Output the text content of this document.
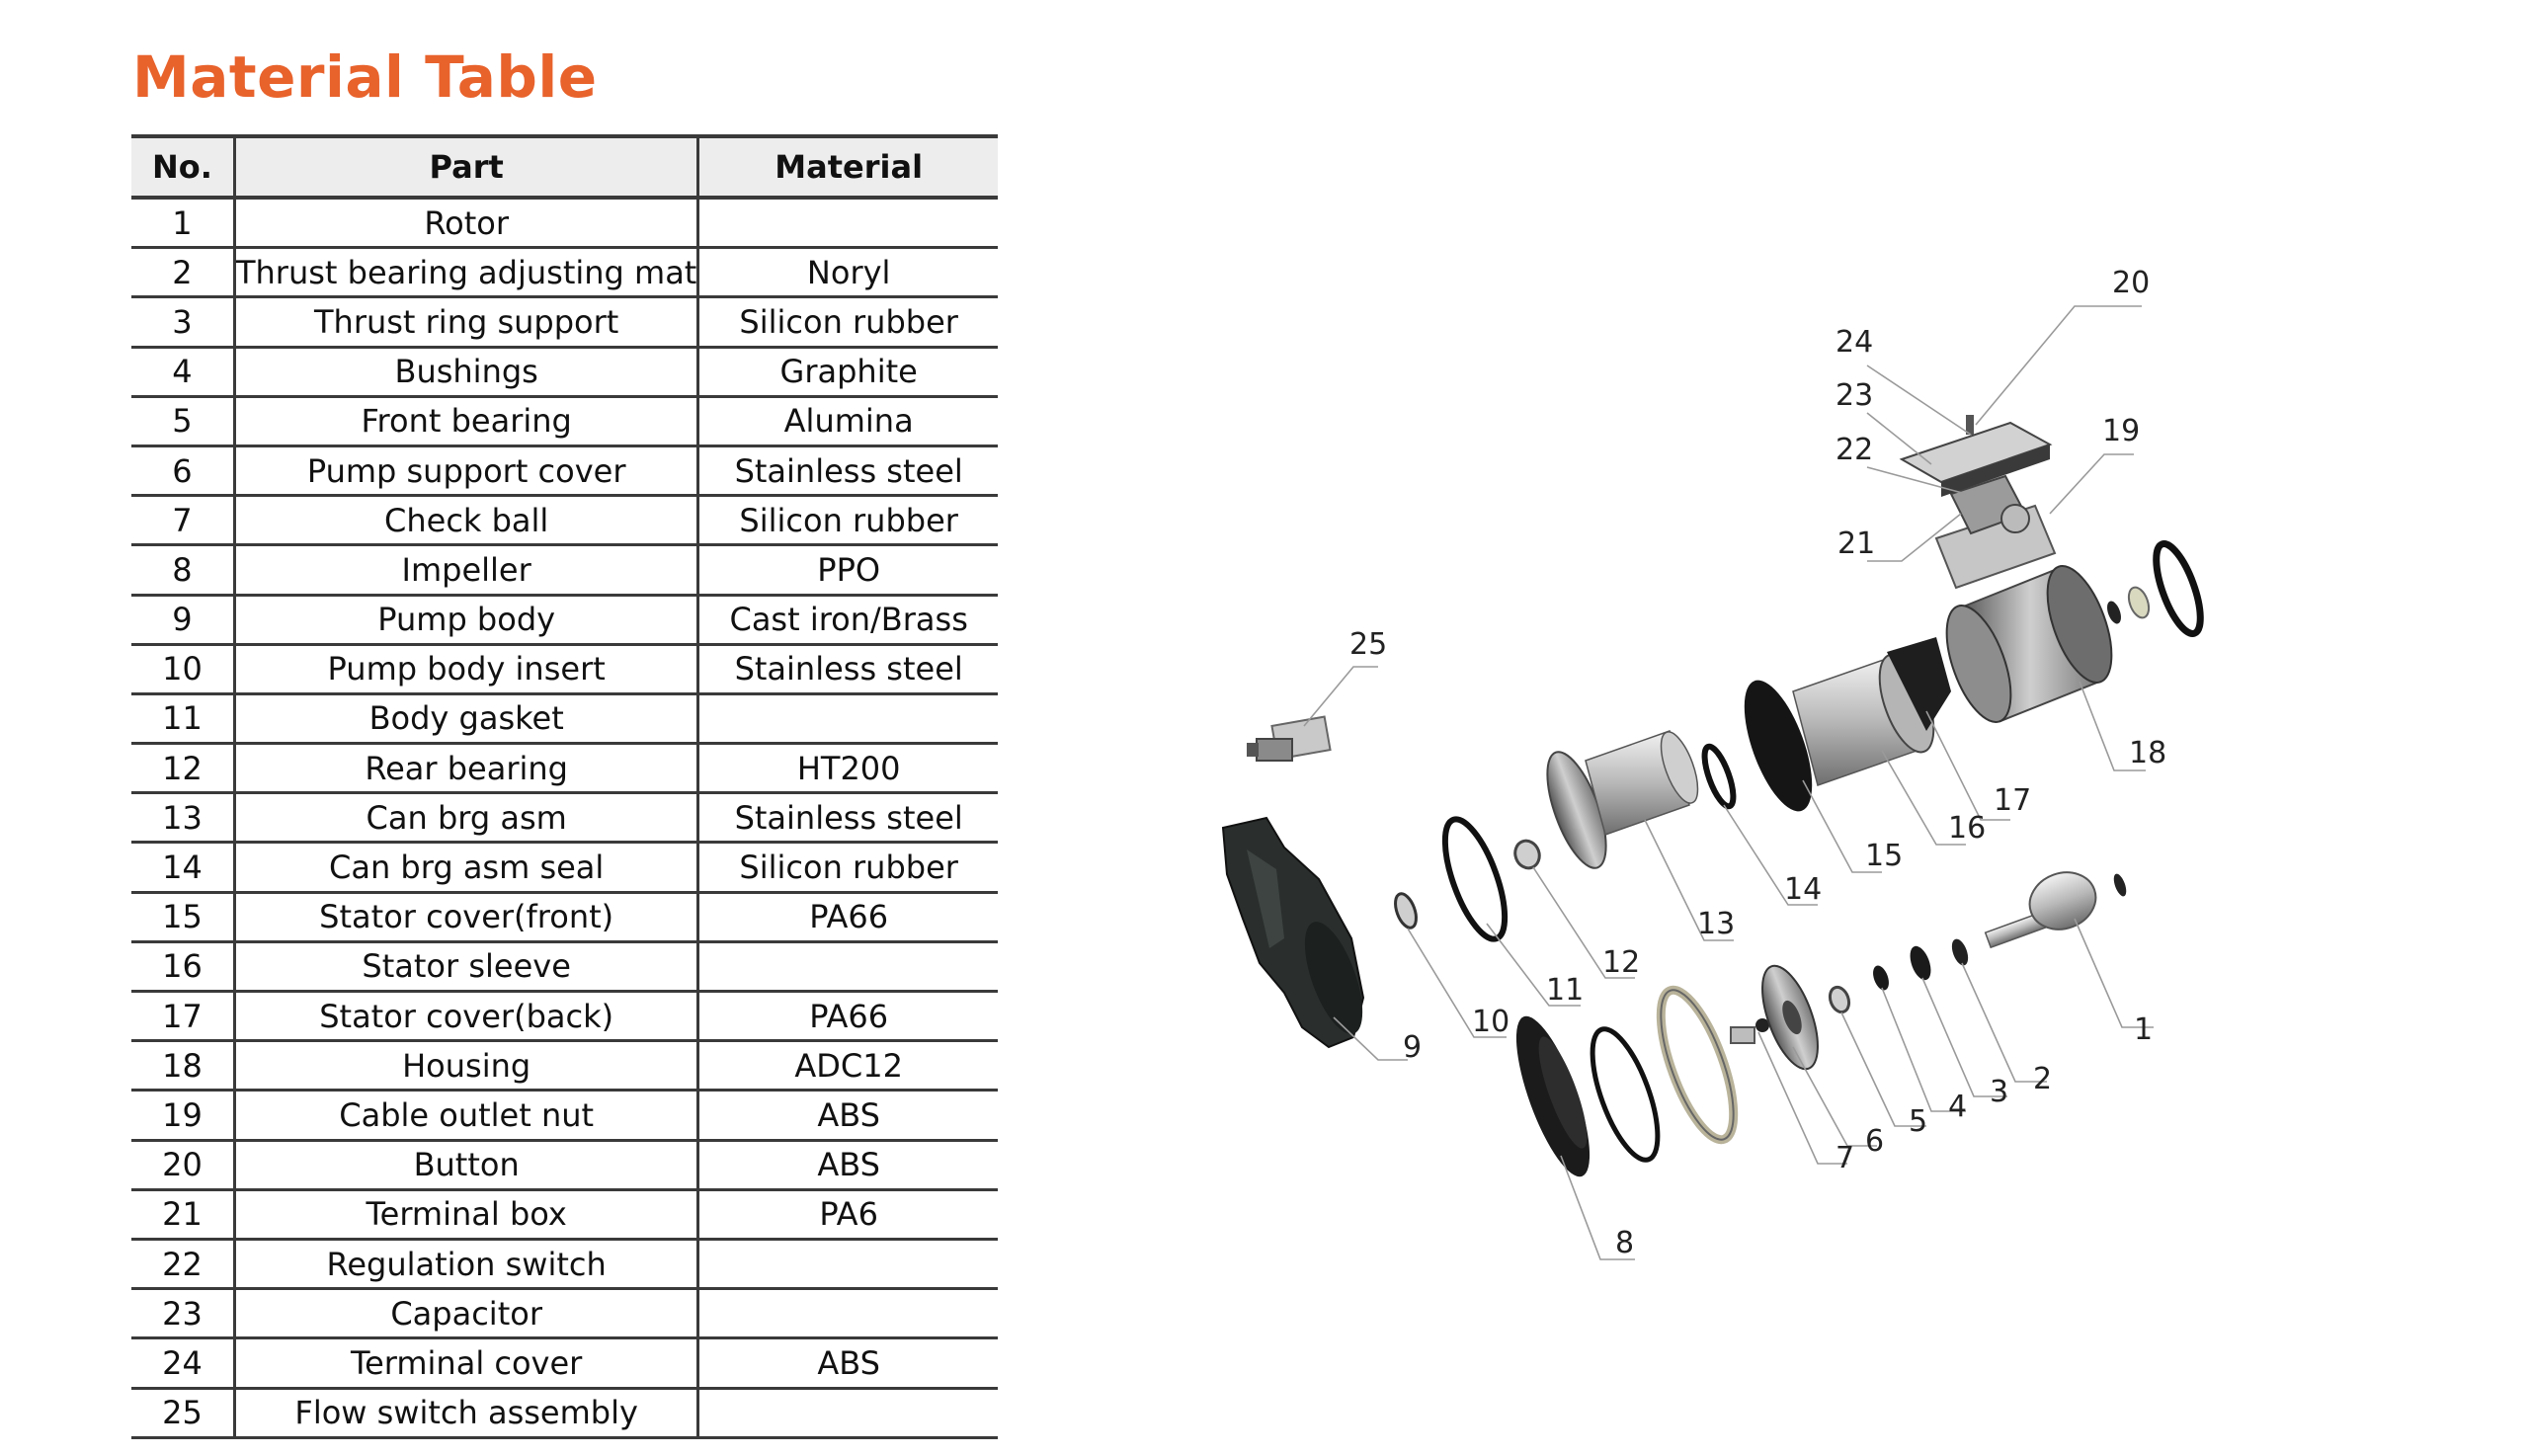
Material Table
No.	Part	Material
1	Rotor	
2	Thrust bearing adjusting mat	Noryl
3	Thrust ring support	Silicon rubber
4	Bushings	Graphite
5	Front bearing	Alumina
6	Pump support cover	Stainless steel
7	Check ball	Silicon rubber
8	Impeller	PPO
9	Pump body	Cast iron/Brass
10	Pump body insert	Stainless steel
11	Body gasket	
12	Rear bearing	HT200
13	Can brg asm	Stainless steel
14	Can brg asm seal	Silicon rubber
15	Stator cover(front)	PA66
16	Stator sleeve	
17	Stator cover(back)	PA66
18	Housing	ADC12
19	Cable outlet nut	ABS
20	Button	ABS
21	Terminal box	PA6
22	Regulation switch	
23	Capacitor	
24	Terminal cover	ABS
25	Flow switch assembly	
1
2
3
4
5
6
7
8
9
10
11
12
13
14
15
16
17
18
19
20
21
22
23
24
25
